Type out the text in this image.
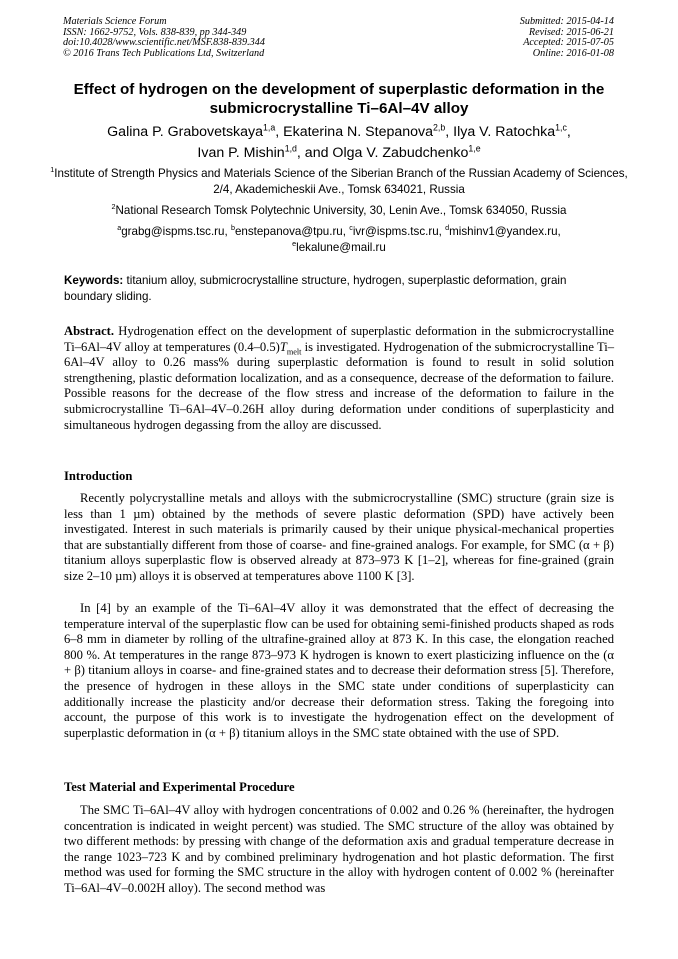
Materials Science Forum
ISSN: 1662-9752, Vols. 838-839, pp 344-349
doi:10.4028/www.scientific.net/MSF.838-839.344
© 2016 Trans Tech Publications Ltd, Switzerland
Submitted: 2015-04-14
Revised: 2015-06-21
Accepted: 2015-07-05
Online: 2016-01-08
Effect of hydrogen on the development of superplastic deformation in the submicrocrystalline Ti–6Al–4V alloy
Galina P. Grabovetskaya$^{1,a}$, Ekaterina N. Stepanova$^{2,b}$, Ilya V. Ratochka$^{1,c}$,
Ivan P. Mishin$^{1,d}$, and Olga V. Zabudchenko$^{1,e}$
$^1$Institute of Strength Physics and Materials Science of the Siberian Branch of the Russian Academy of Sciences, 2/4, Akademicheskii Ave., Tomsk 634021, Russia
$^2$National Research Tomsk Polytechnic University, 30, Lenin Ave., Tomsk 634050, Russia
$^a$grabg@ispms.tsc.ru, $^b$enstepanova@tpu.ru, $^c$ivr@ispms.tsc.ru, $^d$mishinv1@yandex.ru,
$^e$lekalune@mail.ru
Keywords: titanium alloy, submicrocrystalline structure, hydrogen, superplastic deformation, grain boundary sliding.
Abstract. Hydrogenation effect on the development of superplastic deformation in the submicrocrystalline Ti–6Al–4V alloy at temperatures $(0.4-0.5)T_{melt}$ is investigated. Hydrogenation of the submicrocrystalline Ti–6Al–4V alloy to 0.26 mass% during superplastic deformation is found to result in solid solution strengthening, plastic deformation localization, and as a consequence, decrease of the deformation to failure. Possible reasons for the decrease of the flow stress and increase of the deformation to failure in the submicrocrystalline Ti–6Al–4V–0.26H alloy during deformation under conditions of superplasticity and simultaneous hydrogen degassing from the alloy are discussed.
Introduction
Recently polycrystalline metals and alloys with the submicrocrystalline (SMC) structure (grain size is less than 1 µm) obtained by the methods of severe plastic deformation (SPD) have actively been investigated. Interest in such materials is primarily caused by their unique physical-mechanical properties that are substantially different from those of coarse- and fine-grained analogs. For example, for SMC (α + β) titanium alloys superplastic flow is observed already at 873–973 K [1–2], whereas for fine-grained (grain size 2–10 µm) alloys it is observed at temperatures above 1100 K [3].
In [4] by an example of the Ti–6Al–4V alloy it was demonstrated that the effect of decreasing the temperature interval of the superplastic flow can be used for obtaining semi-finished products shaped as rods 6–8 mm in diameter by rolling of the ultrafine-grained alloy at 873 K. In this case, the elongation reached 800 %. At temperatures in the range 873–973 K hydrogen is known to exert plasticizing influence on the (α + β) titanium alloys in coarse- and fine-grained states and to decrease their deformation stress [5]. Therefore, the presence of hydrogen in these alloys in the SMC state under conditions of superplasticity can additionally increase the plasticity and/or decrease their deformation stress. Taking the foregoing into account, the purpose of this work is to investigate the hydrogenation effect on the development of superplastic deformation in (α + β) titanium alloys in the SMC state obtained with the use of SPD.
Test Material and Experimental Procedure
The SMC Ti–6Al–4V alloy with hydrogen concentrations of 0.002 and 0.26 % (hereinafter, the hydrogen concentration is indicated in weight percent) was studied. The SMC structure of the alloy was obtained by two different methods: by pressing with change of the deformation axis and gradual temperature decrease in the range 1023–723 K and by combined preliminary hydrogenation and hot plastic deformation. The first method was used for forming the SMC structure in the alloy with hydrogen content of 0.002 % (hereinafter Ti–6Al–4V–0.002H alloy). The second method was
